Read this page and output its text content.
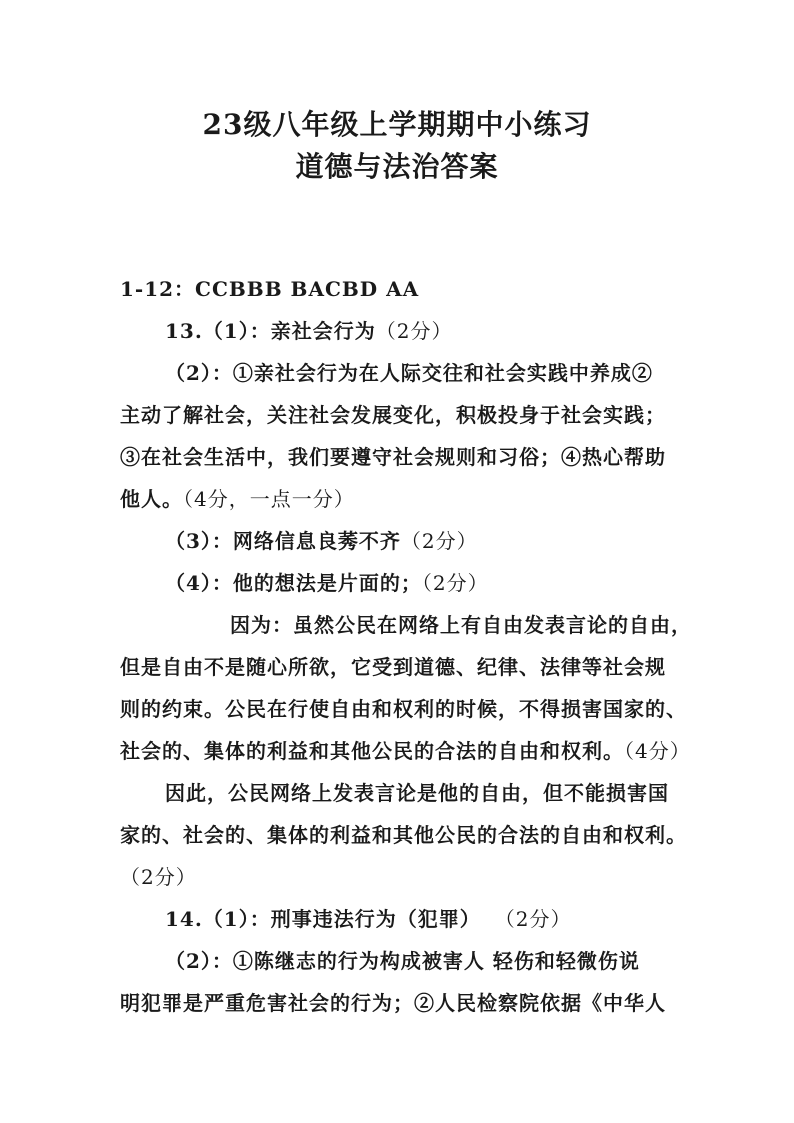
23级八年级上学期期中小练习
道德与法治答案

1-12：CCBBB BACBD AA

13.（1）：亲社会行为（2分）

（2）：①亲社会行为在人际交往和社会实践中养成②

主动了解社会，关注社会发展变化，积极投身于社会实践；

③在社会生活中，我们要遵守社会规则和习俗；④热心帮助

他人。（4分，一点一分）

（3）：网络信息良莠不齐（2分）

（4）：他的想法是片面的；（2分）

因为：虽然公民在网络上有自由发表言论的自由，

但是自由不是随心所欲，它受到道德、纪律、法律等社会规

则的约束。公民在行使自由和权利的时候，不得损害国家的、

社会的、集体的利益和其他公民的合法的自由和权利。（4分）

因此，公民网络上发表言论是他的自由，但不能损害国

家的、社会的、集体的利益和其他公民的合法的自由和权利。

（2分）

14.（1）：刑事违法行为（犯罪） （2分）

（2）：①陈继志的行为构成被害人 轻伤和轻微伤说

明犯罪是严重危害社会的行为；②人民检察院依据《中华人
